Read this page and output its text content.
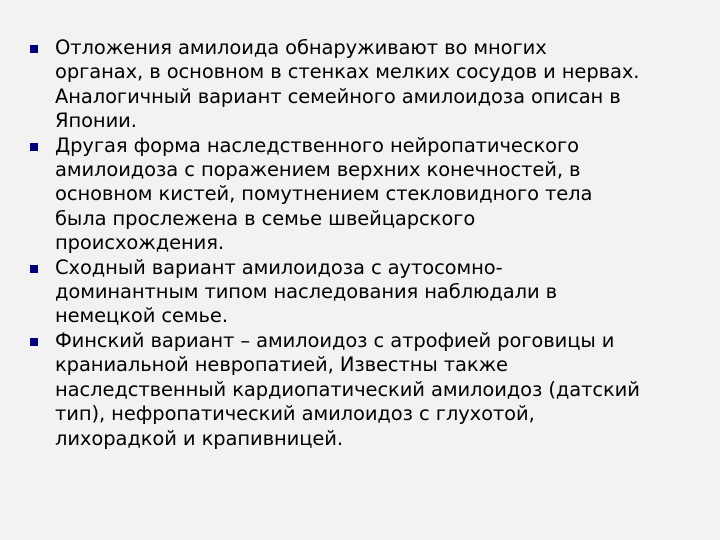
Отложения амилоида обнаруживают во многих
органах, в основном в стенках мелких сосудов и нервах.
Аналогичный вариант семейного амилоидоза описан в
Японии.
Другая форма наследственного нейропатического
амилоидоза с поражением верхних конечностей, в
основном кистей, помутнением стекловидного тела
была прослежена в семье швейцарского
происхождения.
Сходный вариант амилоидоза с аутосомно-
доминантным типом наследования наблюдали в
немецкой семье.
Финский вариант – амилоидоз с атрофией роговицы и
краниальной невропатией, Известны также
наследственный кардиопатический амилоидоз (датский
тип), нефропатический амилоидоз с глухотой,
лихорадкой и крапивницей.
